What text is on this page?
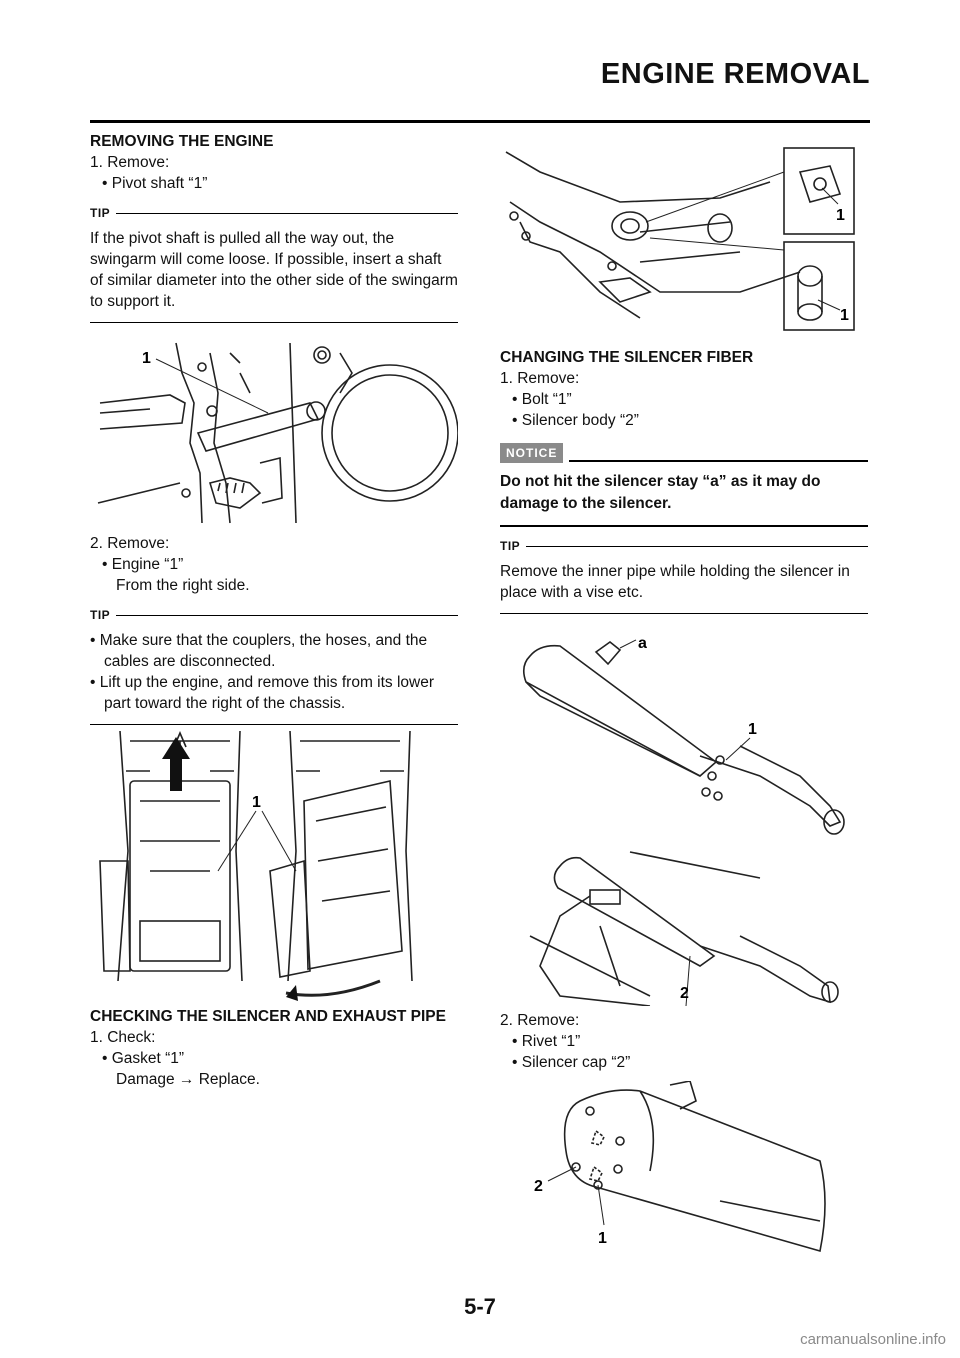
ENGINE REMOVAL

REMOVING THE ENGINE

1. Remove:

• Pivot shaft “1”

TIP

If the pivot shaft is pulled all the way out, the swingarm will come loose. If possible, insert a shaft of similar diameter into the other side of the swingarm to support it.

1

2. Remove:

• Engine “1”

From the right side.

TIP
• Make sure that the couplers, the hoses, and the cables are disconnected.
• Lift up the engine, and remove this from its lower part toward the right of the chassis.
1

CHECKING THE SILENCER AND EXHAUST PIPE

1. Check:

• Gasket “1”

Damage → Replace.

1
1

CHANGING THE SILENCER FIBER

1. Remove:

• Bolt “1”

• Silencer body “2”

NOTICE

Do not hit the silencer stay “a” as it may do damage to the silencer.

TIP

Remove the inner pipe while holding the silencer in place with a vise etc.

a
1
2

2. Remove:

• Rivet “1”

• Silencer cap “2”

2
1

5-7

carmanualsonline.info
